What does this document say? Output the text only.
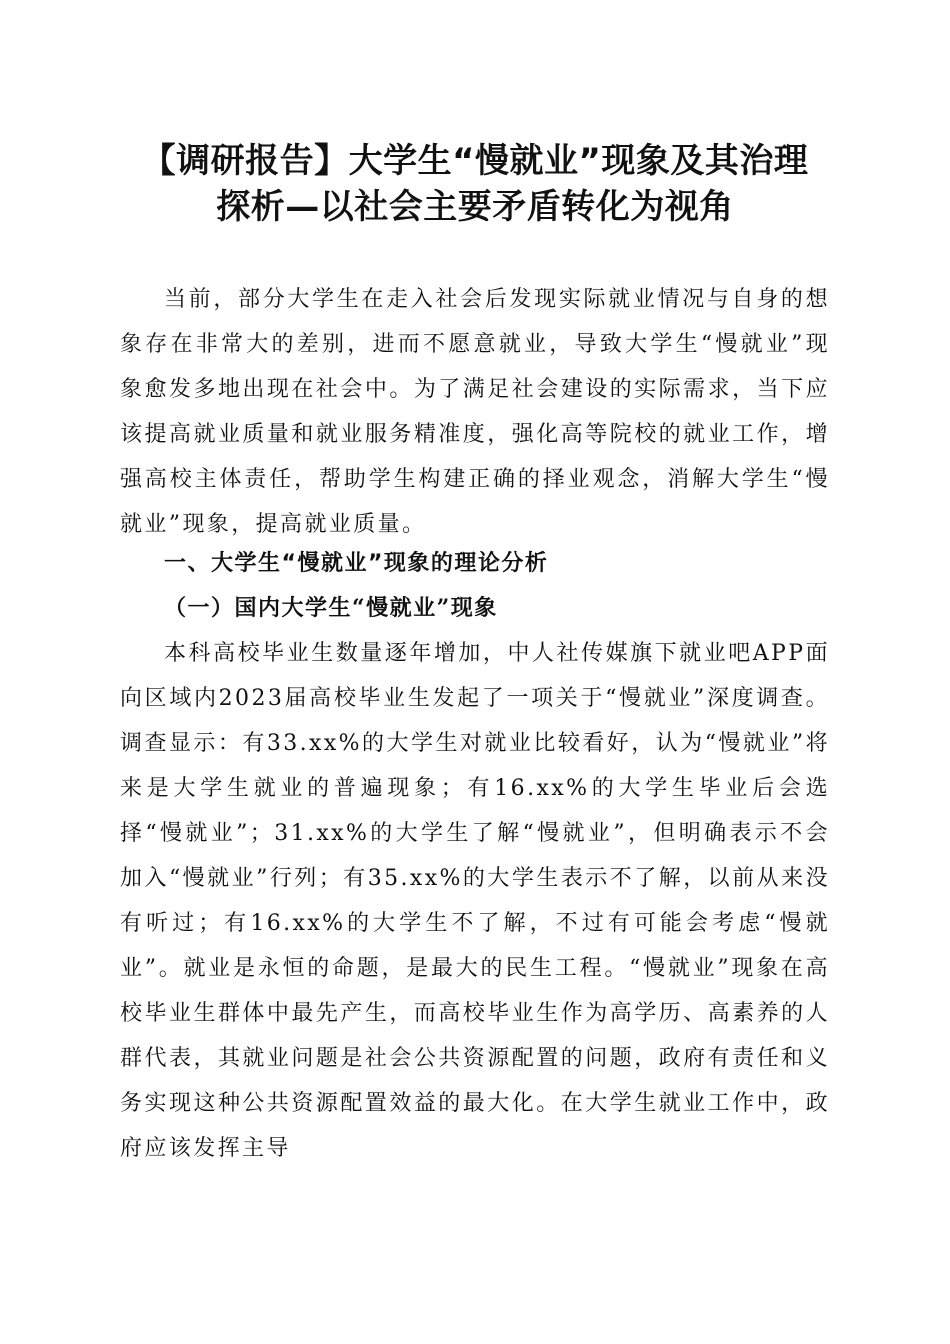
【调研报告】大学生“慢就业”现象及其治理
探析—以社会主要矛盾转化为视角

当前，部分大学生在走入社会后发现实际就业情况与自身的想象存在非常大的差别，进而不愿意就业，导致大学生“慢就业”现象愈发多地出现在社会中。为了满足社会建设的实际需求，当下应该提高就业质量和就业服务精准度，强化高等院校的就业工作，增强高校主体责任，帮助学生构建正确的择业观念，消解大学生“慢就业”现象，提高就业质量。

一、大学生“慢就业”现象的理论分析
（一）国内大学生“慢就业”现象

本科高校毕业生数量逐年增加，中人社传媒旗下就业吧APP面向区域内2023届高校毕业生发起了一项关于“慢就业”深度调查。调查显示：有33.xx%的大学生对就业比较看好，认为“慢就业”将来是大学生就业的普遍现象；有16.xx%的大学生毕业后会选择“慢就业”；31.xx%的大学生了解“慢就业”，但明确表示不会加入“慢就业”行列；有35.xx%的大学生表示不了解，以前从来没有听过；有16.xx%的大学生不了解，不过有可能会考虑“慢就业”。就业是永恒的命题，是最大的民生工程。“慢就业”现象在高校毕业生群体中最先产生，而高校毕业生作为高学历、高素养的人群代表，其就业问题是社会公共资源配置的问题，政府有责任和义务实现这种公共资源配置效益的最大化。在大学生就业工作中，政府应该发挥主导
